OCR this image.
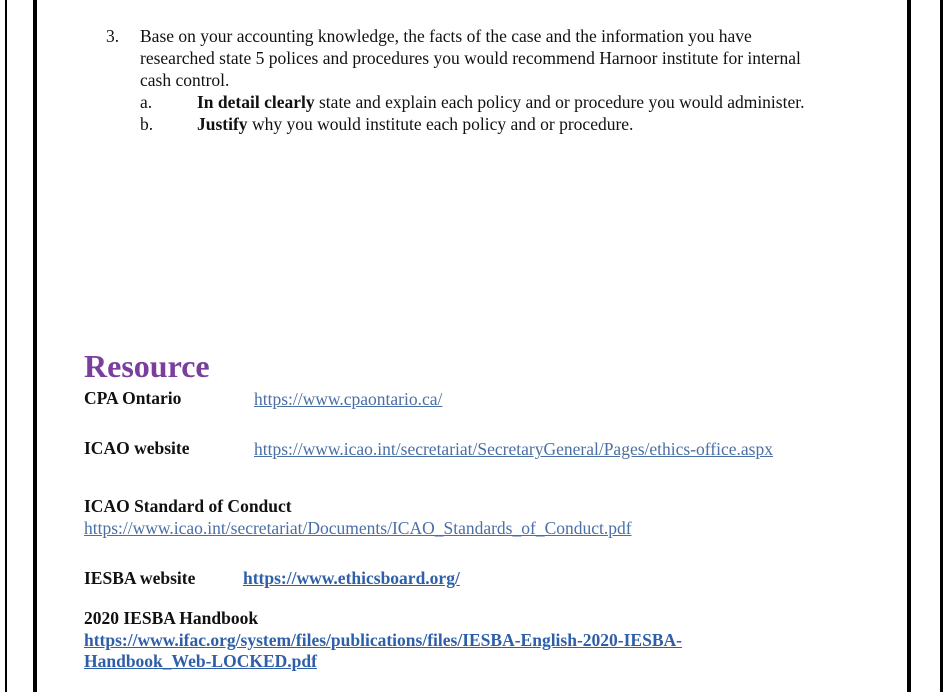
3. Base on your accounting knowledge, the facts of the case and the information you have
researched state 5 polices and procedures you would recommend Harnoor institute for internal
cash control.
a.	In detail clearly state and explain each policy and or procedure you would administer.
b.	Justify why you would institute each policy and or procedure.
Resource
CPA Ontario	https://www.cpaontario.ca/
ICAO website	https://www.icao.int/secretariat/SecretaryGeneral/Pages/ethics-office.aspx
ICAO Standard of Conduct
https://www.icao.int/secretariat/Documents/ICAO_Standards_of_Conduct.pdf
IESBA website	https://www.ethicsboard.org/
2020 IESBA Handbook
https://www.ifac.org/system/files/publications/files/IESBA-English-2020-IESBA-
Handbook_Web-LOCKED.pdf
